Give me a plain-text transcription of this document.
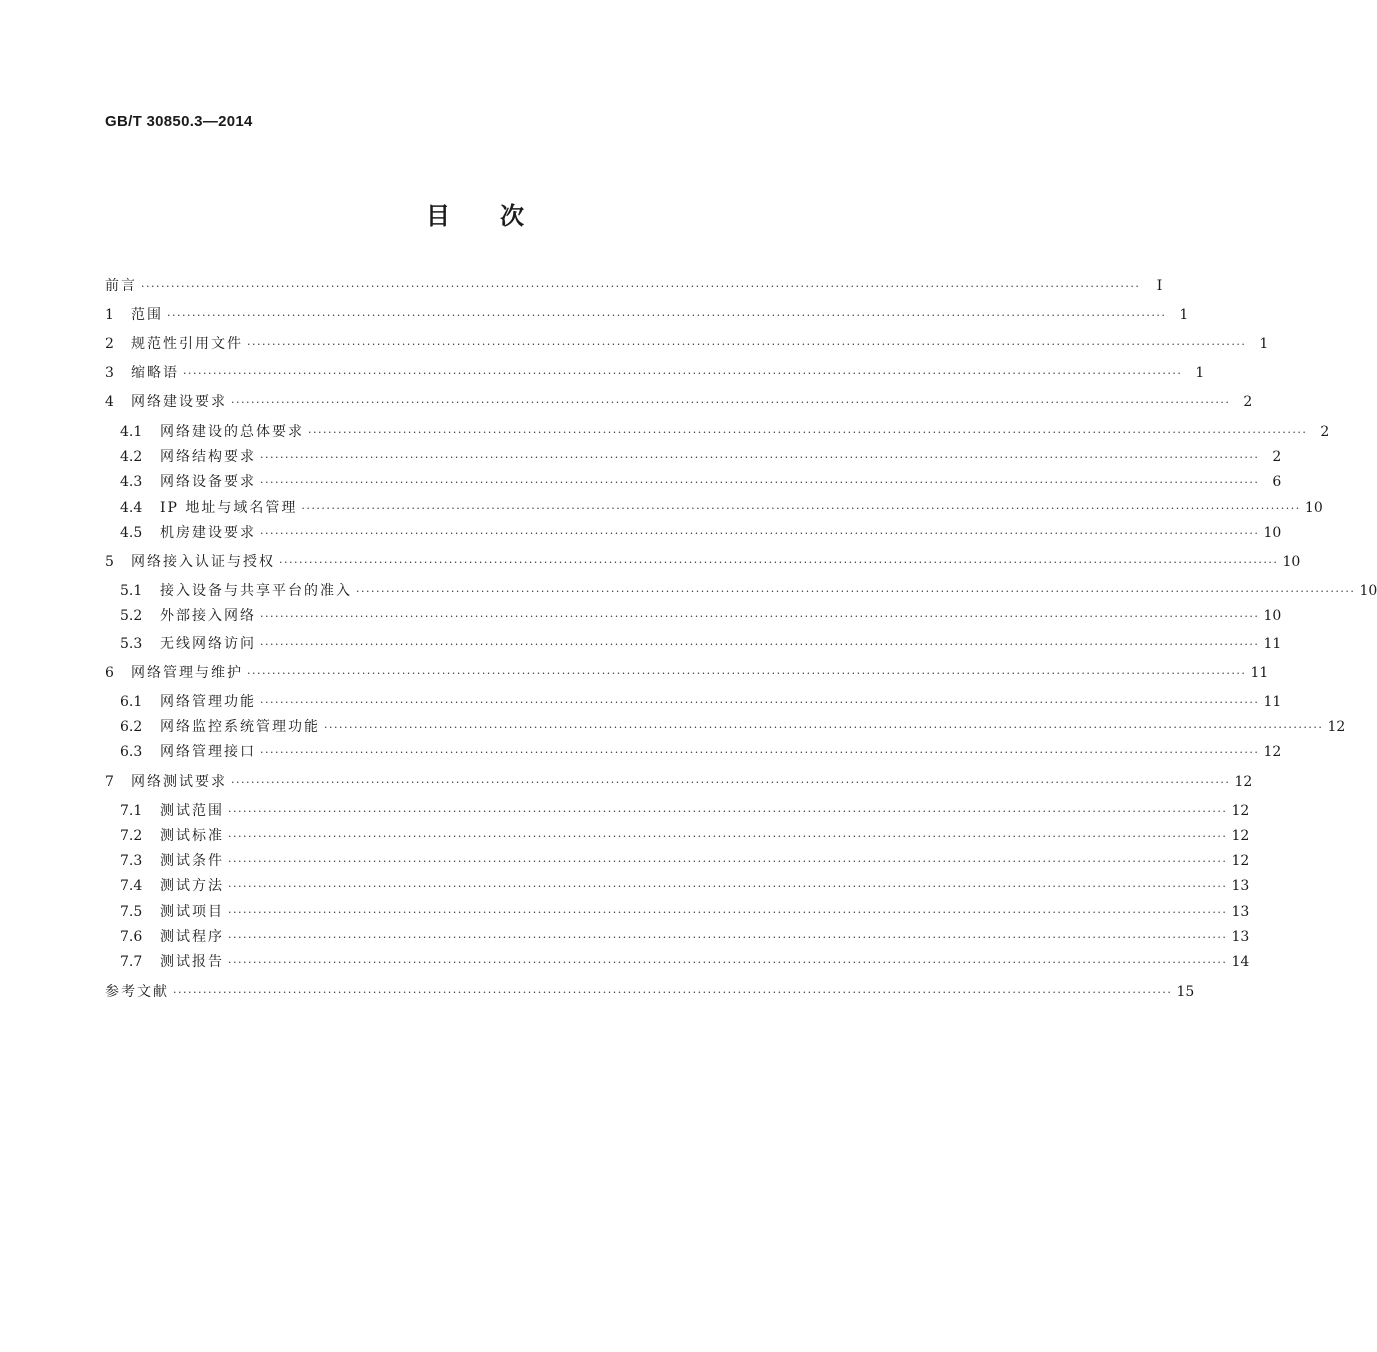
GB/T 30850.3—2014
目次
前言 ········································································································································································································	Ⅰ
1	范围 ········································································································································································································ 1
2	规范性引用文件 ········································································································································································································ 1
3	缩略语 ········································································································································································································ 1
4	网络建设要求 ········································································································································································································ 2
4.1	网络建设的总体要求 ········································································································································································································ 2
4.2	网络结构要求 ········································································································································································································ 2
4.3	网络设备要求 ········································································································································································································ 6
4.4	IP 地址与域名管理 ········································································································································································································ 10
4.5	机房建设要求 ········································································································································································································ 10
5	网络接入认证与授权 ········································································································································································································ 10
5.1	接入设备与共享平台的准入 ········································································································································································································ 10
5.2	外部接入网络 ········································································································································································································ 10
5.3	无线网络访问 ········································································································································································································ 11
6	网络管理与维护 ········································································································································································································ 11
6.1	网络管理功能 ········································································································································································································ 11
6.2	网络监控系统管理功能 ········································································································································································································ 12
6.3	网络管理接口 ········································································································································································································ 12
7	网络测试要求 ········································································································································································································ 12
7.1	测试范围 ········································································································································································································ 12
7.2	测试标准 ········································································································································································································ 12
7.3	测试条件 ········································································································································································································ 12
7.4	测试方法 ········································································································································································································ 13
7.5	测试项目 ········································································································································································································ 13
7.6	测试程序 ········································································································································································································ 13
7.7	测试报告 ········································································································································································································ 14
参考文献 ········································································································································································································ 15
